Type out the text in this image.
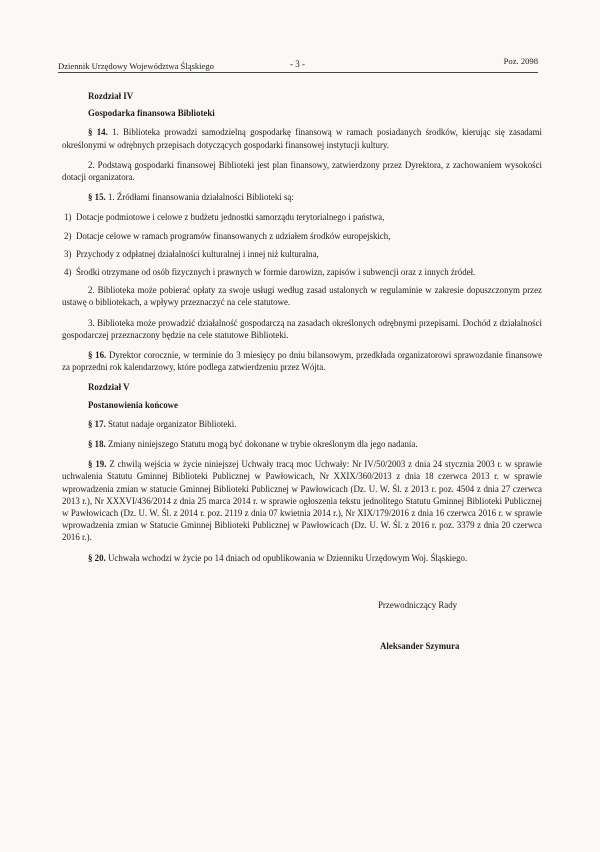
Dziennik Urzędowy Województwa Śląskiego	- 3 -	Poz. 2098
Rozdział IV
Gospodarka finansowa Biblioteki

§ 14. 1. Biblioteka prowadzi samodzielną gospodarkę finansową w ramach posiadanych środków, kierując się zasadami określonymi w odrębnych przepisach dotyczących gospodarki finansowej instytucji kultury.

2. Podstawą gospodarki finansowej Biblioteki jest plan finansowy, zatwierdzony przez Dyrektora, z zachowaniem wysokości dotacji organizatora.

§ 15. 1. Źródłami finansowania działalności Biblioteki są:

1) Dotacje podmiotowe i celowe z budżetu jednostki samorządu terytorialnego i państwa,

2) Dotacje celowe w ramach programów finansowanych z udziałem środków europejskich,

3) Przychody z odpłatnej działalności kulturalnej i innej niż kulturalna,

4) Środki otrzymane od osób fizycznych i prawnych w formie darowizn, zapisów i subwencji oraz z innych źródeł.

2. Biblioteka może pobierać opłaty za swoje usługi według zasad ustalonych w regulaminie w zakresie dopuszczonym przez ustawę o bibliotekach, a wpływy przeznaczyć na cele statutowe.

3. Biblioteka może prowadzić działalność gospodarczą na zasadach określonych odrębnymi przepisami. Dochód z działalności gospodarczej przeznaczony będzie na cele statutowe Biblioteki.

§ 16. Dyrektor corocznie, w terminie do 3 miesięcy po dniu bilansowym, przedkłada organizatorowi sprawozdanie finansowe za poprzedni rok kalendarzowy, które podlega zatwierdzeniu przez Wójta.

Rozdział V
Postanowienia końcowe

§ 17. Statut nadaje organizator Biblioteki.

§ 18. Zmiany niniejszego Statutu mogą być dokonane w trybie określonym dla jego nadania.

§ 19. Z chwilą wejścia w życie niniejszej Uchwały tracą moc Uchwały: Nr IV/50/2003 z dnia 24 stycznia 2003 r. w sprawie uchwalenia Statutu Gminnej Biblioteki Publicznej w Pawłowicach, Nr XXIX/360/2013 z dnia 18 czerwca 2013 r. w sprawie wprowadzenia zmian w statucie Gminnej Biblioteki Publicznej w Pawłowicach (Dz. U. W. Śl. z 2013 r. poz. 4504 z dnia 27 czerwca 2013 r.), Nr XXXVI/436/2014 z dnia 25 marca 2014 r. w sprawie ogłoszenia tekstu jednolitego Statutu Gminnej Biblioteki Publicznej w Pawłowicach (Dz. U. W. Śl. z 2014 r. poz. 2119 z dnia 07 kwietnia 2014 r.), Nr XIX/179/2016 z dnia 16 czerwca 2016 r. w sprawie wprowadzenia zmian w Statucie Gminnej Biblioteki Publicznej w Pawłowicach (Dz. U. W. Śl. z 2016 r. poz. 3379 z dnia 20 czerwca 2016 r.).

§ 20. Uchwała wchodzi w życie po 14 dniach od opublikowania w Dzienniku Urzędowym Woj. Śląskiego.

Przewodniczący Rady
Aleksander Szymura
